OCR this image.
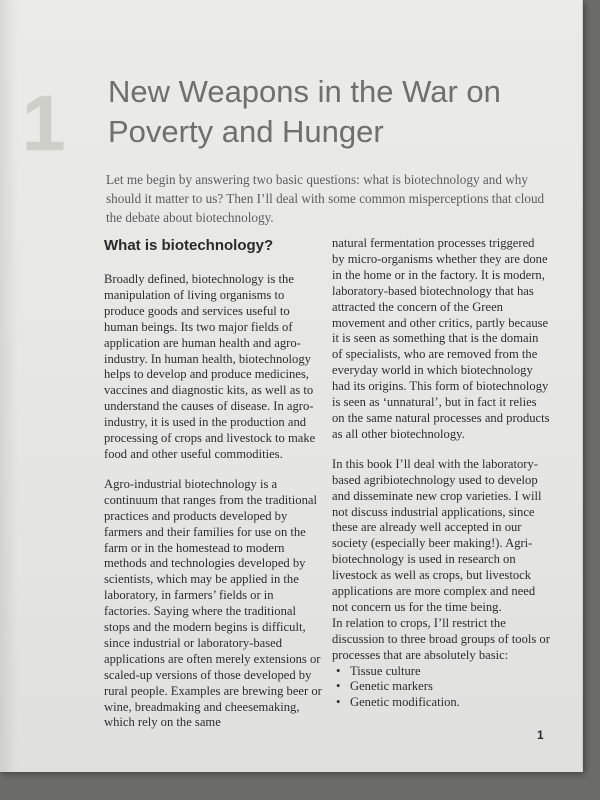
1 New Weapons in the War on Poverty and Hunger

Let me begin by answering two basic questions: what is biotechnology and why should it matter to us? Then I’ll deal with some common misperceptions that cloud the debate about biotechnology.

What is biotechnology?

Broadly defined, biotechnology is the manipulation of living organisms to produce goods and services useful to human beings. Its two major fields of application are human health and agro-industry. In human health, biotechnology helps to develop and produce medicines, vaccines and diagnostic kits, as well as to understand the causes of disease. In agro-industry, it is used in the production and processing of crops and livestock to make food and other useful commodities.

Agro-industrial biotechnology is a continuum that ranges from the traditional practices and products developed by farmers and their families for use on the farm or in the homestead to modern methods and technologies developed by scientists, which may be applied in the laboratory, in farmers’ fields or in factories. Saying where the traditional stops and the modern begins is difficult, since industrial or laboratory-based applications are often merely extensions or scaled-up versions of those developed by rural people. Examples are brewing beer or wine, breadmaking and cheesemaking, which rely on the same

natural fermentation processes triggered by micro-organisms whether they are done in the home or in the factory. It is modern, laboratory-based biotechnology that has attracted the concern of the Green movement and other critics, partly because it is seen as something that is the domain of specialists, who are removed from the everyday world in which biotechnology had its origins. This form of biotechnology is seen as ‘unnatural’, but in fact it relies on the same natural processes and products as all other biotechnology.

In this book I’ll deal with the laboratory-based agribiotechnology used to develop and disseminate new crop varieties. I will not discuss industrial applications, since these are already well accepted in our society (especially beer making!). Agri-biotechnology is used in research on livestock as well as crops, but livestock applications are more complex and need not concern us for the time being.

In relation to crops, I’ll restrict the discussion to three broad groups of tools or processes that are absolutely basic:

• Tissue culture
• Genetic markers
• Genetic modification.
1
